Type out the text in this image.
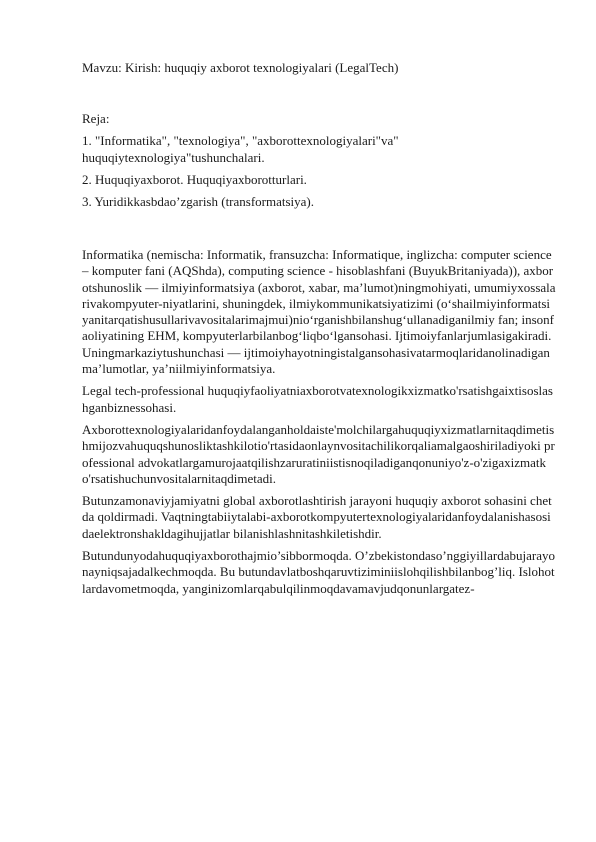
Mavzu: Kirish: huquqiy axborot texnologiyalari (LegalTech)

Reja:

1. "Informatika", "texnologiya", "axborottexnologiyalari"va" huquqiytexnologiya"tushunchalari.

2. Huquqiyaxborot. Huquqiyaxborotturlari.

3. Yuridikkasbdao’zgarish (transformatsiya).

Informatika (nemischa: Informatik, fransuzcha: Informatique, inglizcha: computer science – komputer fani (AQShda), computing science - hisoblashfani (BuyukBritaniyada)), axborotshunoslik — ilmiyinformatsiya (axborot, xabar, ma’lumot)ningmohiyati, umumiyxossalarivakompyuter-niyatlarini, shuningdek, ilmiykommunikatsiyatizimi (o‘shailmiyinformatsiyanitarqatishusullarivavositalarimajmui)nio‘rganishbilanshug‘ullanadiganilmiy fan; insonfaoliyatining EHM, kompyuterlarbilanbog‘liqbo‘lgansohasi. Ijtimoiyfanlarjumlasigakiradi. Uningmarkaziytushunchasi — ijtimoiyhayotningistalgansohasivatarmoqlaridanolinadiganma’lumotlar, ya’niilmiyinformatsiya.

Legal tech-professional huquqiyfaoliyatniaxborotvatexnologikxizmatko'rsatishgaixtisoslashganbiznessohasi.

Axborottexnologiyalaridanfoydalanganholdaiste'molchilargahuquqiyxizmatlarnitaqdimetishmijozvahuquqshunosliktashkilotio'rtasidaonlaynvositachilikorqaliamalgaoshiriladiyoki professional advokatlargamurojaatqilishzaruratiniistisnoqiladiganqonuniyo'z-o'zigaxizmatko'rsatishuchunvositalarnitaqdimetadi.

Butunzamonaviyjamiyatni global axborotlashtirish jarayoni huquqiy axborot sohasini chetda qoldirmadi. Vaqtningtabiiytalabi-axborotkompyutertexnologiyalaridanfoydalanishasosidaelektronshakldagihujjatlar bilanishlashnitashkiletishdir.

Butundunyodahuquqiyaxborothajmio’sibbormoqda. O’zbekistondaso’nggiyillardabujarayonayniqsajadalkechmoqda. Bu butundavlatboshqaruvtiziminiislohqilishbilanbog’liq. Islohotlardavometmoqda, yanginizomlarqabulqilinmoqdavamavjudqonunlargatez-
